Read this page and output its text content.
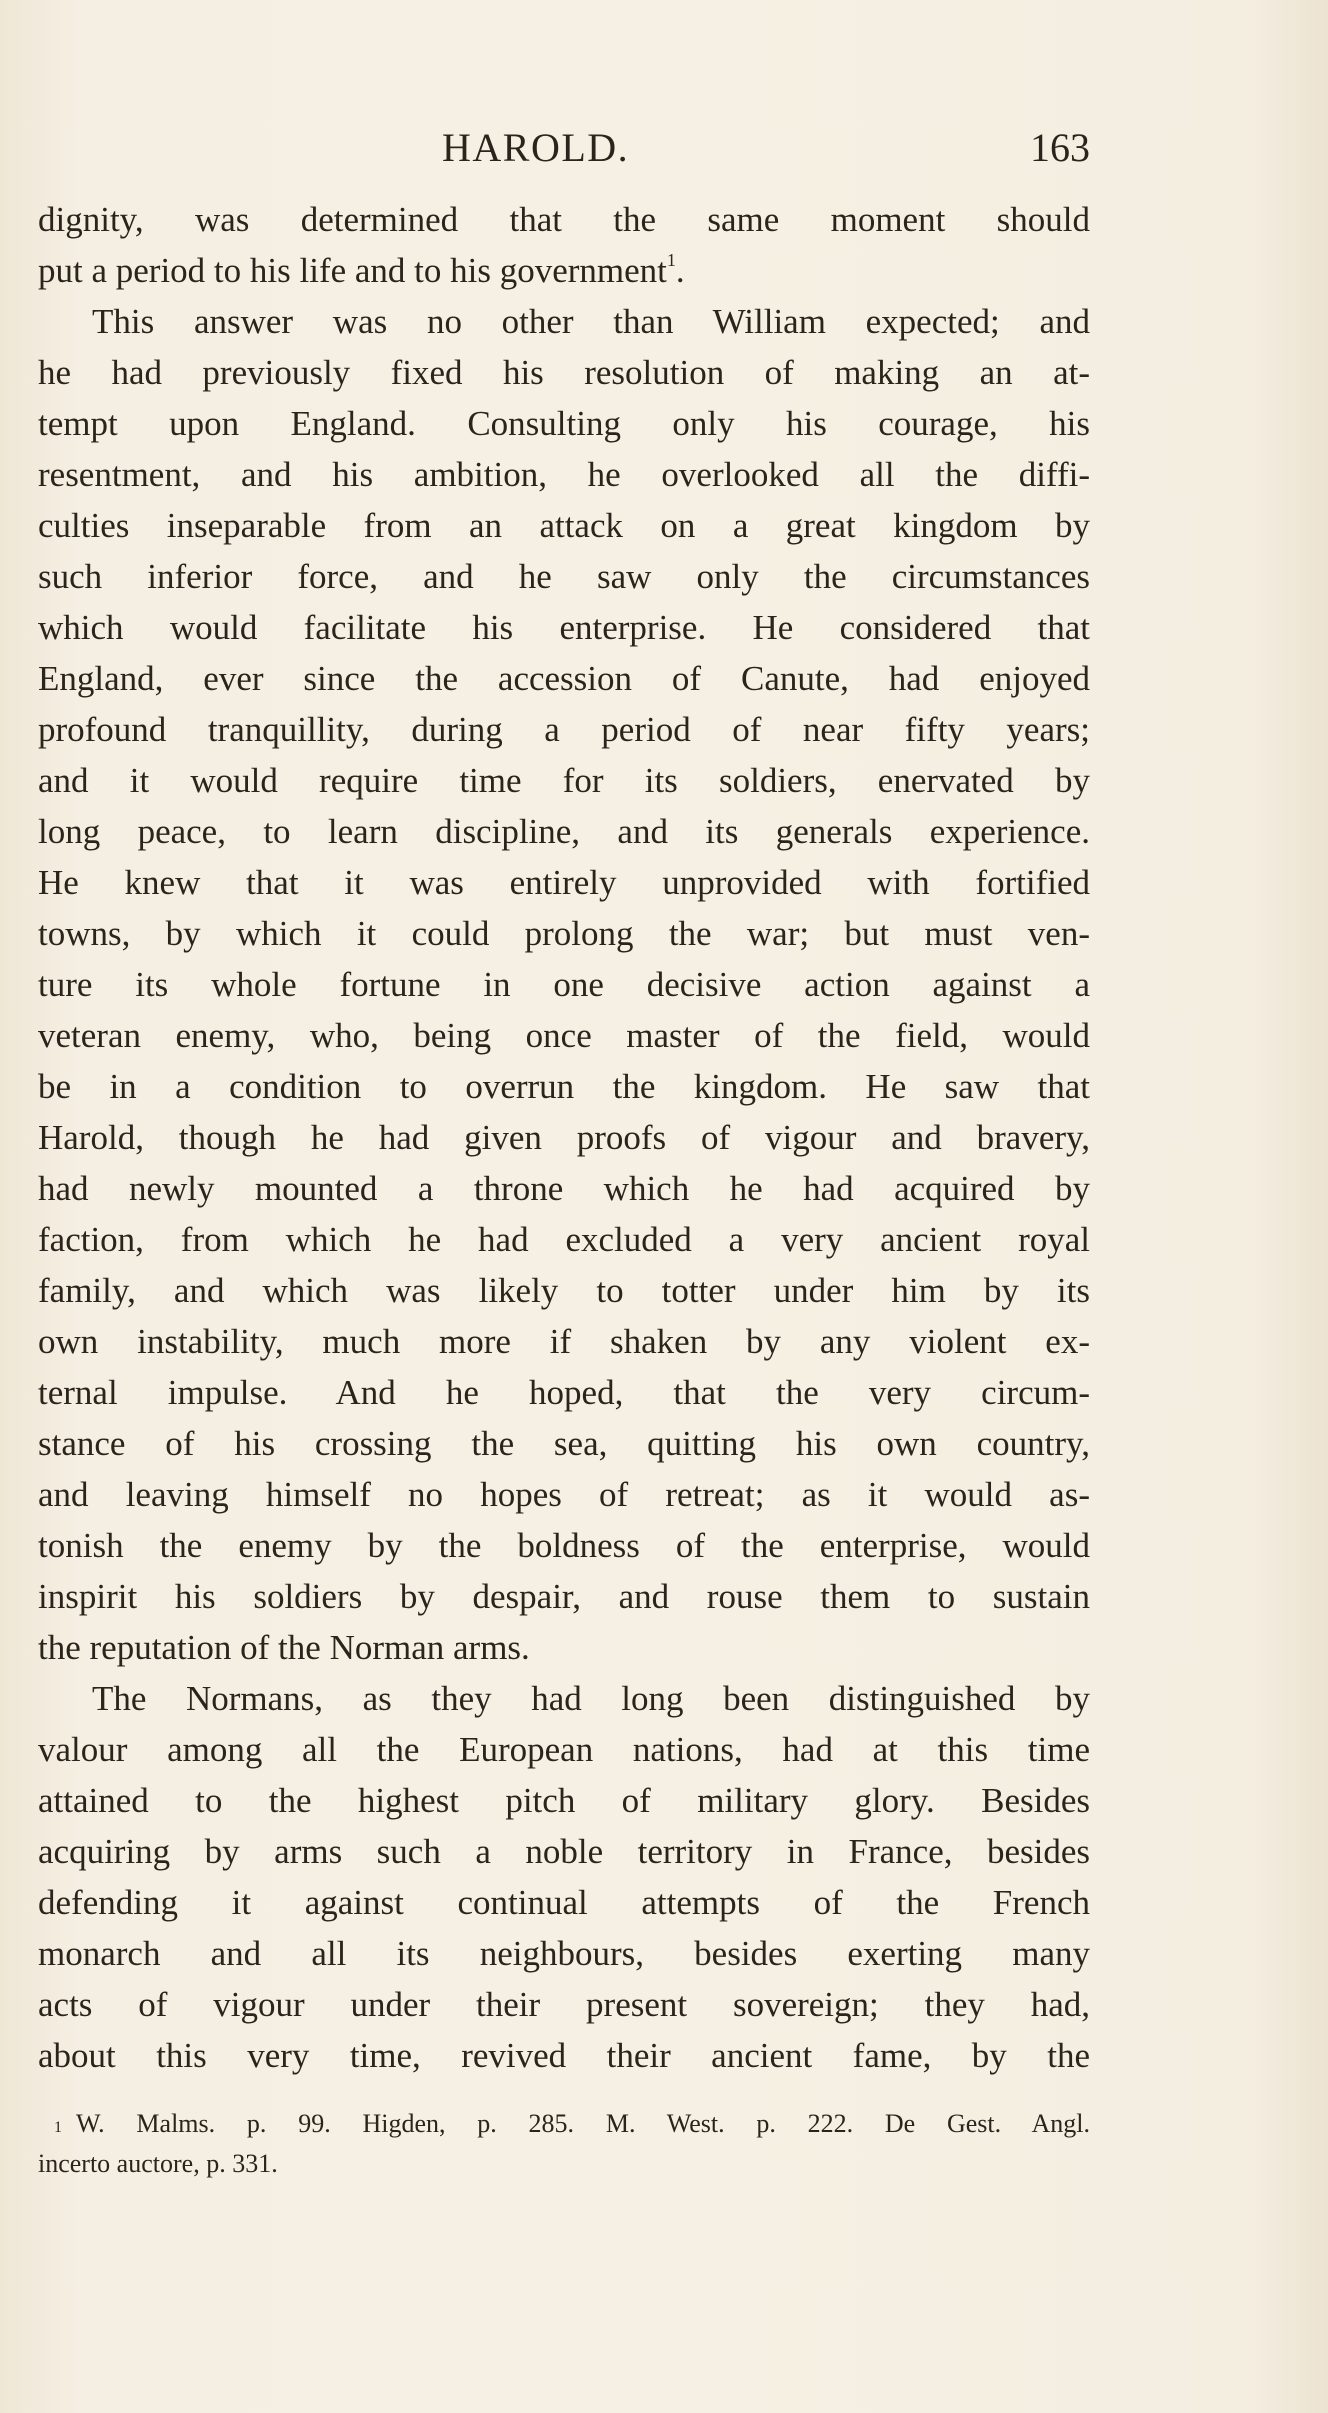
HAROLD.	163
dignity, was determined that the same moment should
put a period to his life and to his government$^1$.
This answer was no other than William expected; and
he had previously fixed his resolution of making an at-
tempt upon England. Consulting only his courage, his
resentment, and his ambition, he overlooked all the diffi-
culties inseparable from an attack on a great kingdom by
such inferior force, and he saw only the circumstances
which would facilitate his enterprise. He considered that
England, ever since the accession of Canute, had enjoyed
profound tranquillity, during a period of near fifty years;
and it would require time for its soldiers, enervated by
long peace, to learn discipline, and its generals experience.
He knew that it was entirely unprovided with fortified
towns, by which it could prolong the war; but must ven-
ture its whole fortune in one decisive action against a
veteran enemy, who, being once master of the field, would
be in a condition to overrun the kingdom. He saw that
Harold, though he had given proofs of vigour and bravery,
had newly mounted a throne which he had acquired by
faction, from which he had excluded a very ancient royal
family, and which was likely to totter under him by its
own instability, much more if shaken by any violent ex-
ternal impulse. And he hoped, that the very circum-
stance of his crossing the sea, quitting his own country,
and leaving himself no hopes of retreat; as it would as-
tonish the enemy by the boldness of the enterprise, would
inspirit his soldiers by despair, and rouse them to sustain
the reputation of the Norman arms.
The Normans, as they had long been distinguished by
valour among all the European nations, had at this time
attained to the highest pitch of military glory. Besides
acquiring by arms such a noble territory in France, besides
defending it against continual attempts of the French
monarch and all its neighbours, besides exerting many
acts of vigour under their present sovereign; they had,
about this very time, revived their ancient fame, by the
$^1$ W. Malms. p. 99. Higden, p. 285. M. West. p. 222. De Gest. Angl.
incerto auctore, p. 331.
